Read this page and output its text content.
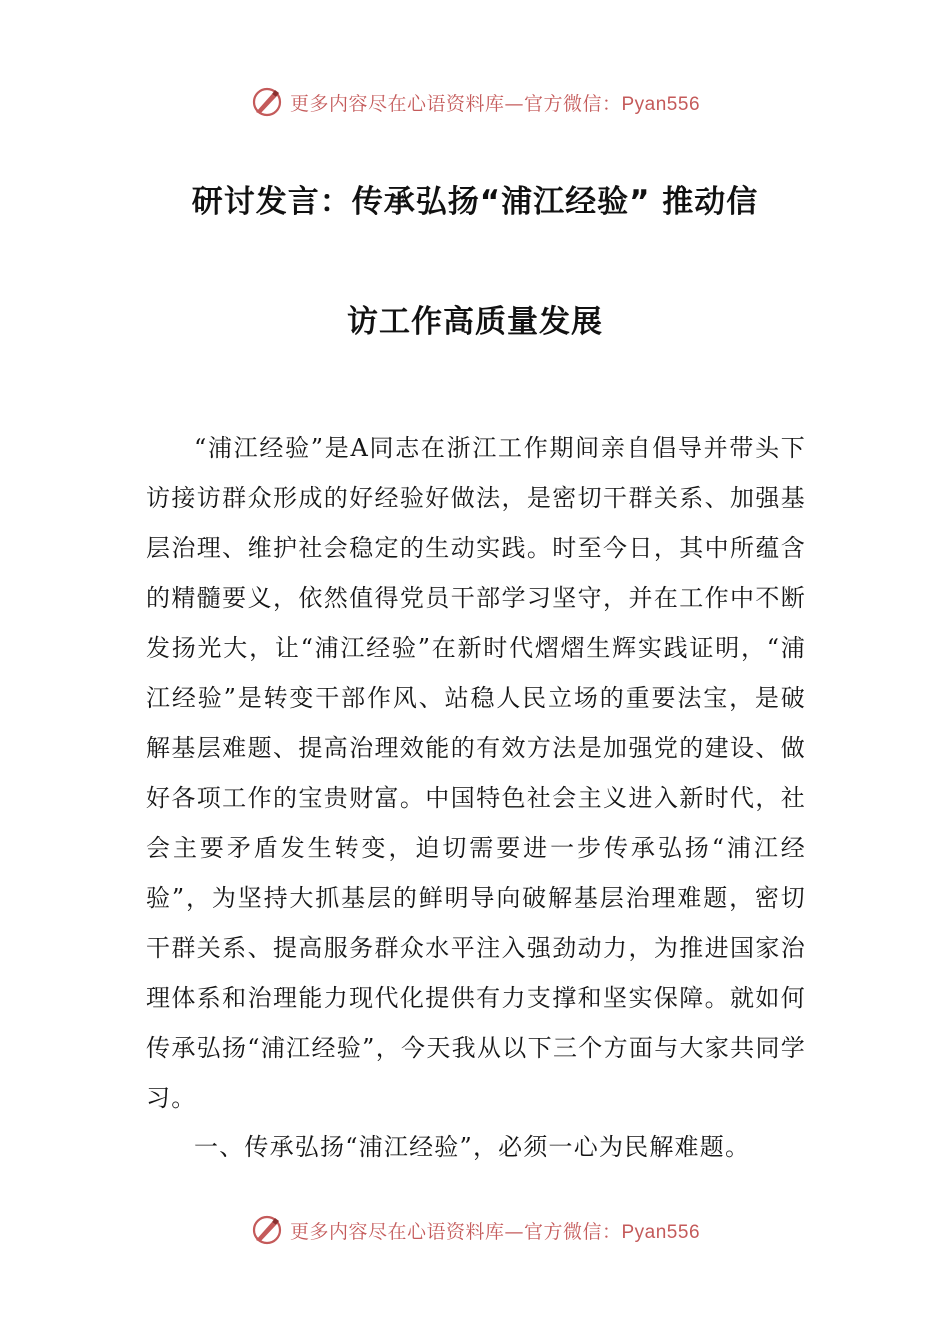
更多内容尽在心语资料库—官方微信：Pyan556
研讨发言：传承弘扬“浦江经验” 推动信
访工作高质量发展

“浦江经验”是A同志在浙江工作期间亲自倡导并带头下访接访群众形成的好经验好做法，是密切干群关系、加强基层治理、维护社会稳定的生动实践。时至今日，其中所蕴含的精髓要义，依然值得党员干部学习坚守，并在工作中不断发扬光大，让“浦江经验”在新时代熠熠生辉实践证明，“浦江经验”是转变干部作风、站稳人民立场的重要法宝，是破解基层难题、提高治理效能的有效方法是加强党的建设、做好各项工作的宝贵财富。中国特色社会主义进入新时代，社会主要矛盾发生转变，迫切需要进一步传承弘扬“浦江经验”，为坚持大抓基层的鲜明导向破解基层治理难题，密切干群关系、提高服务群众水平注入强劲动力，为推进国家治理体系和治理能力现代化提供有力支撑和坚实保障。就如何传承弘扬“浦江经验”，今天我从以下三个方面与大家共同学习。

一、传承弘扬“浦江经验”，必须一心为民解难题。

更多内容尽在心语资料库—官方微信：Pyan556
